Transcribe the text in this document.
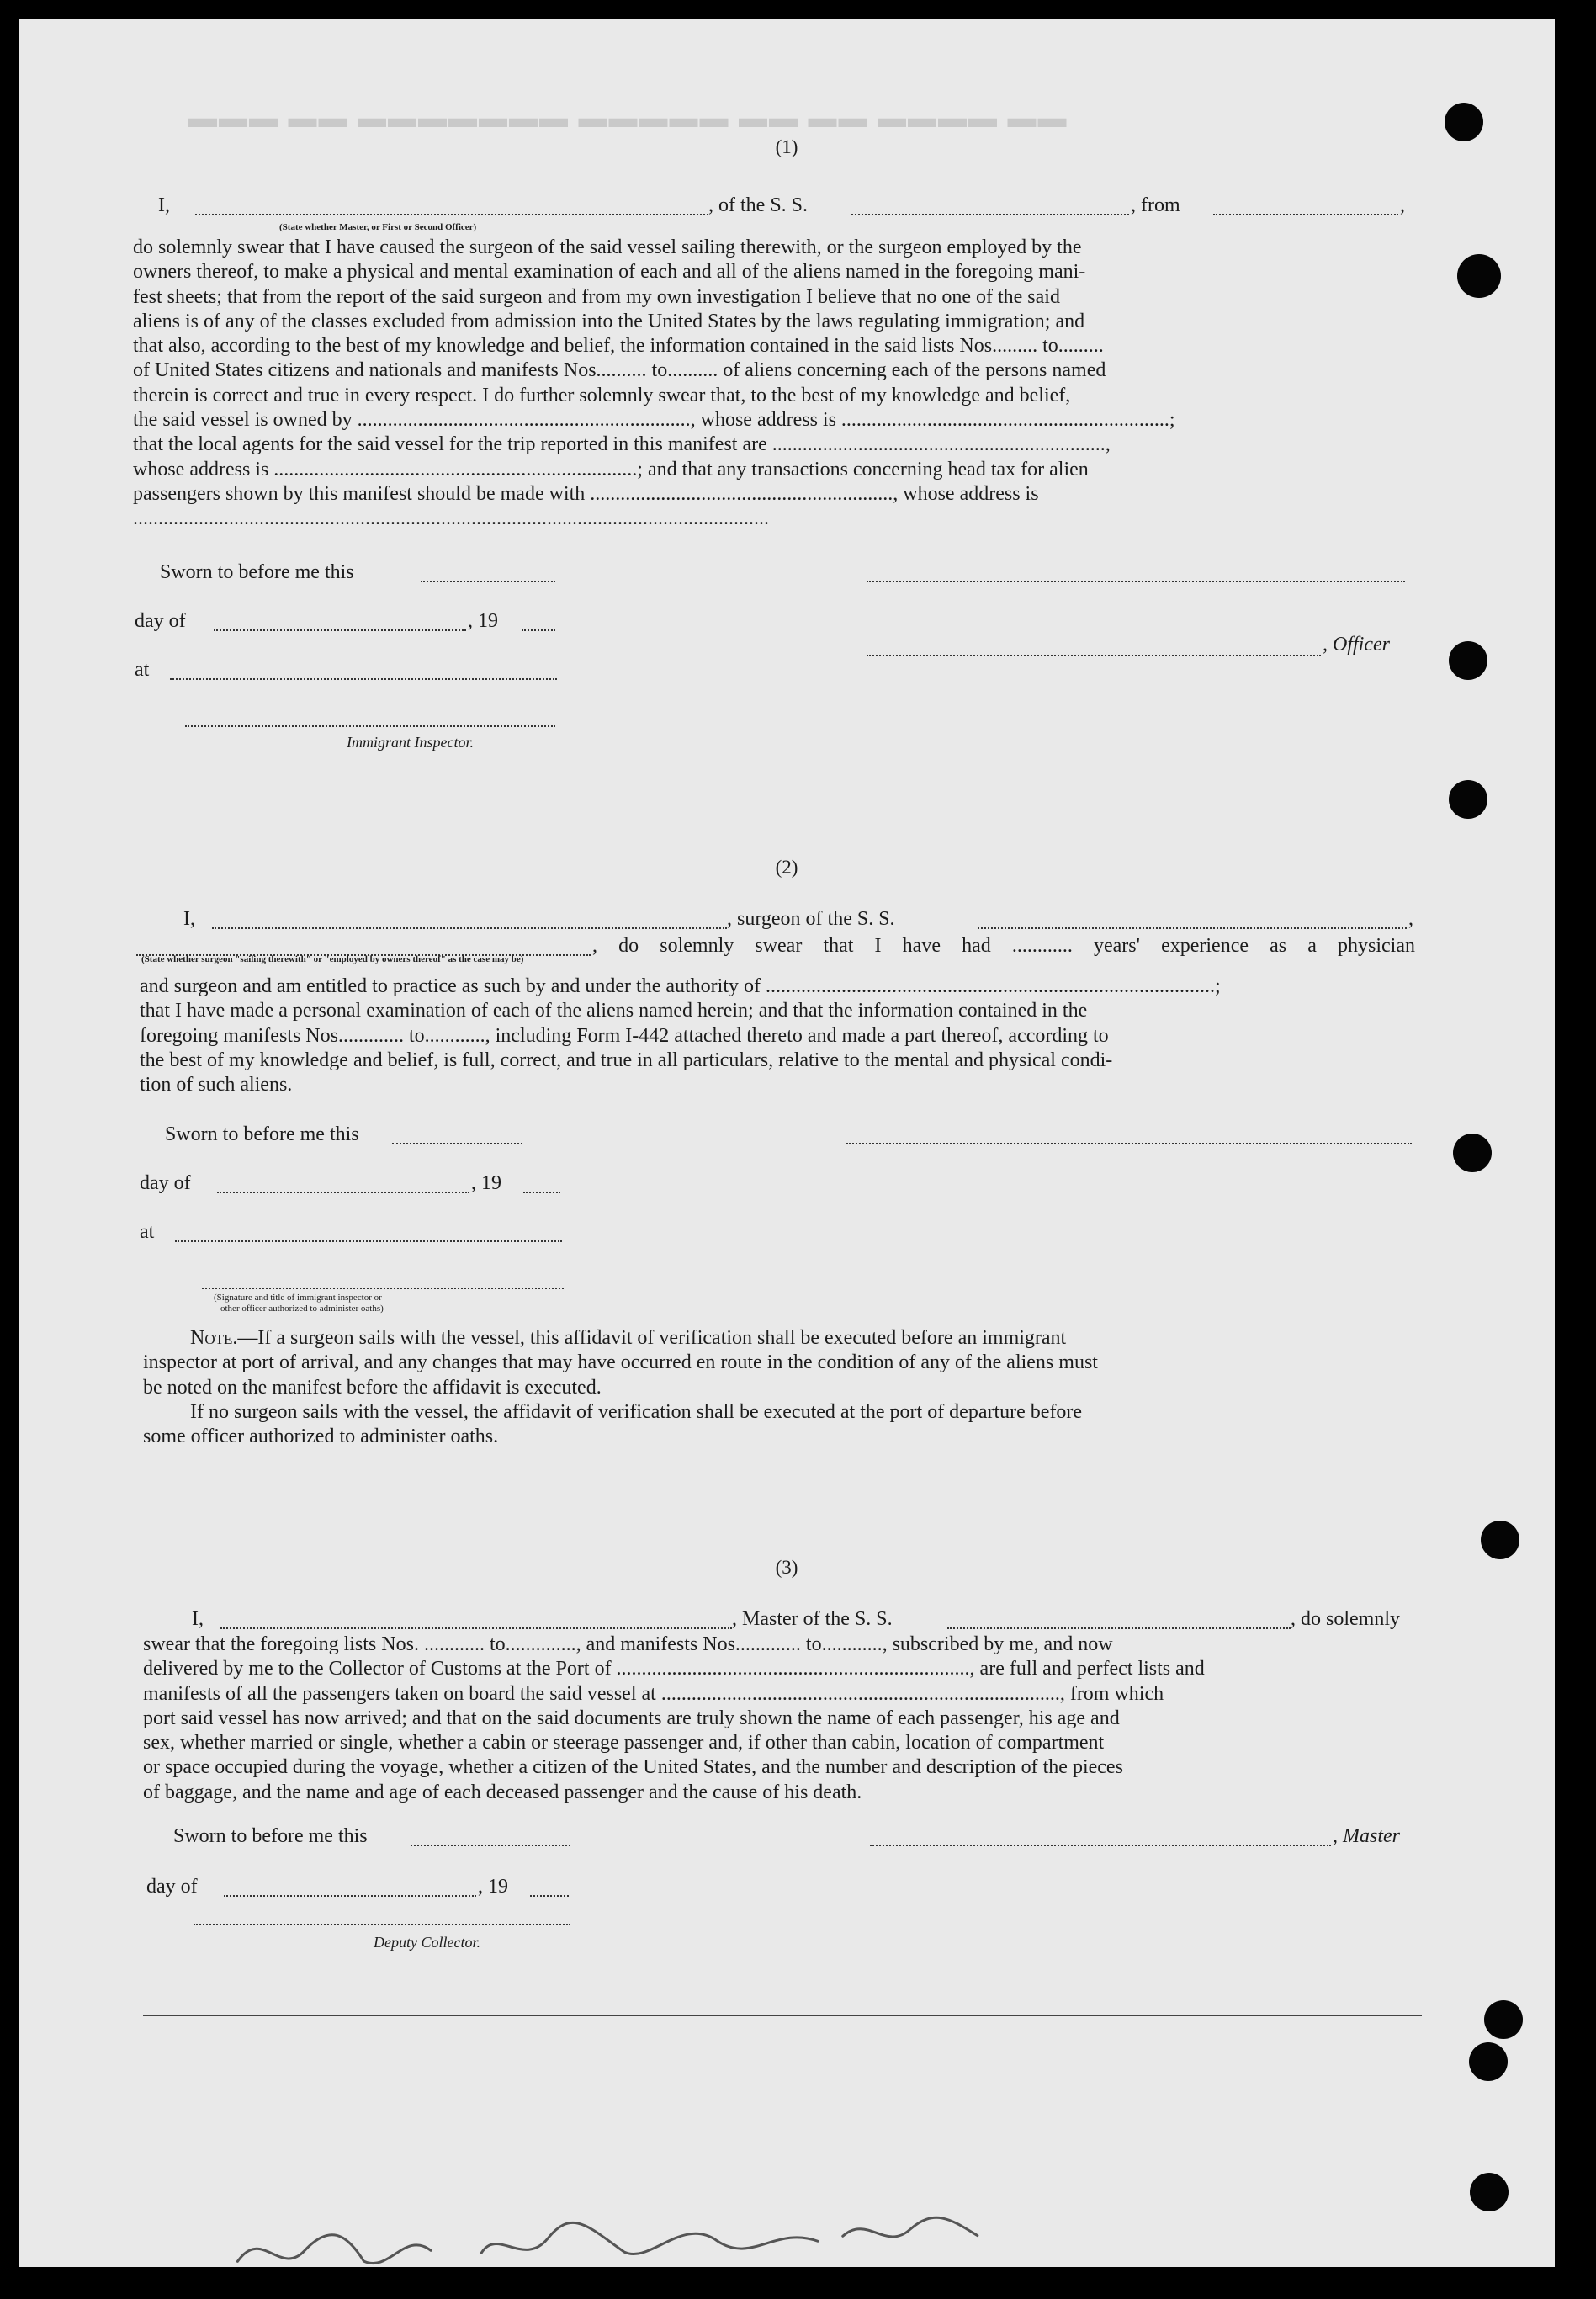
▬▬ ▬▬▬▬ ▬▬ ▬▬ ▬▬▬▬▬ ▬▬▬▬▬▬▬ ▬▬ ▬▬▬
(1)
I,	, of the S. S.	, from	,
(State whether Master, or First or Second Officer)

do solemnly swear that I have caused the surgeon of the said vessel sailing therewith, or the surgeon employed by the

owners thereof, to make a physical and mental examination of each and all of the aliens named in the foregoing mani-

fest sheets; that from the report of the said surgeon and from my own investigation I believe that no one of the said

aliens is of any of the classes excluded from admission into the United States by the laws regulating immigration; and

that also, according to the best of my knowledge and belief, the information contained in the said lists Nos......... to.........

of United States citizens and nationals and manifests Nos.......... to.......... of aliens concerning each of the persons named

therein is correct and true in every respect. I do further solemnly swear that, to the best of my knowledge and belief,

the said vessel is owned by .................................................................., whose address is .................................................................;

that the local agents for the said vessel for the trip reported in this manifest are ..................................................................,

whose address is ........................................................................; and that any transactions concerning head tax for alien

passengers shown by this manifest should be made with ............................................................, whose address is

..............................................................................................................................

Sworn to before me this
day of	, 19
, Officer
at
Immigrant Inspector.
(2)
I,	, surgeon of the S. S.	,
, do solemnly swear that I have had ............ years' experience as a physician
(State whether surgeon "sailing therewith" or "employed by owners thereof" as the case may be)

and surgeon and am entitled to practice as such by and under the authority of .........................................................................................;

that I have made a personal examination of each of the aliens named herein; and that the information contained in the

foregoing manifests Nos............. to............, including Form I-442 attached thereto and made a part thereof, according to

the best of my knowledge and belief, is full, correct, and true in all particulars, relative to the mental and physical condi-

tion of such aliens.

Sworn to before me this
day of	, 19
at
(Signature and title of immigrant inspector or
other officer authorized to administer oaths)

Note.—If a surgeon sails with the vessel, this affidavit of verification shall be executed before an immigrant

inspector at port of arrival, and any changes that may have occurred en route in the condition of any of the aliens must

be noted on the manifest before the affidavit is executed.

If no surgeon sails with the vessel, the affidavit of verification shall be executed at the port of departure before

some officer authorized to administer oaths.

(3)
I,	, Master of the S. S.	, do solemnly

swear that the foregoing lists Nos. ............ to.............., and manifests Nos............. to............, subscribed by me, and now

delivered by me to the Collector of Customs at the Port of ......................................................................, are full and perfect lists and

manifests of all the passengers taken on board the said vessel at ..............................................................................., from which

port said vessel has now arrived; and that on the said documents are truly shown the name of each passenger, his age and

sex, whether married or single, whether a cabin or steerage passenger and, if other than cabin, location of compartment

or space occupied during the voyage, whether a citizen of the United States, and the number and description of the pieces

of baggage, and the name and age of each deceased passenger and the cause of his death.

Sworn to before me this	, Master
day of	, 19
Deputy Collector.
